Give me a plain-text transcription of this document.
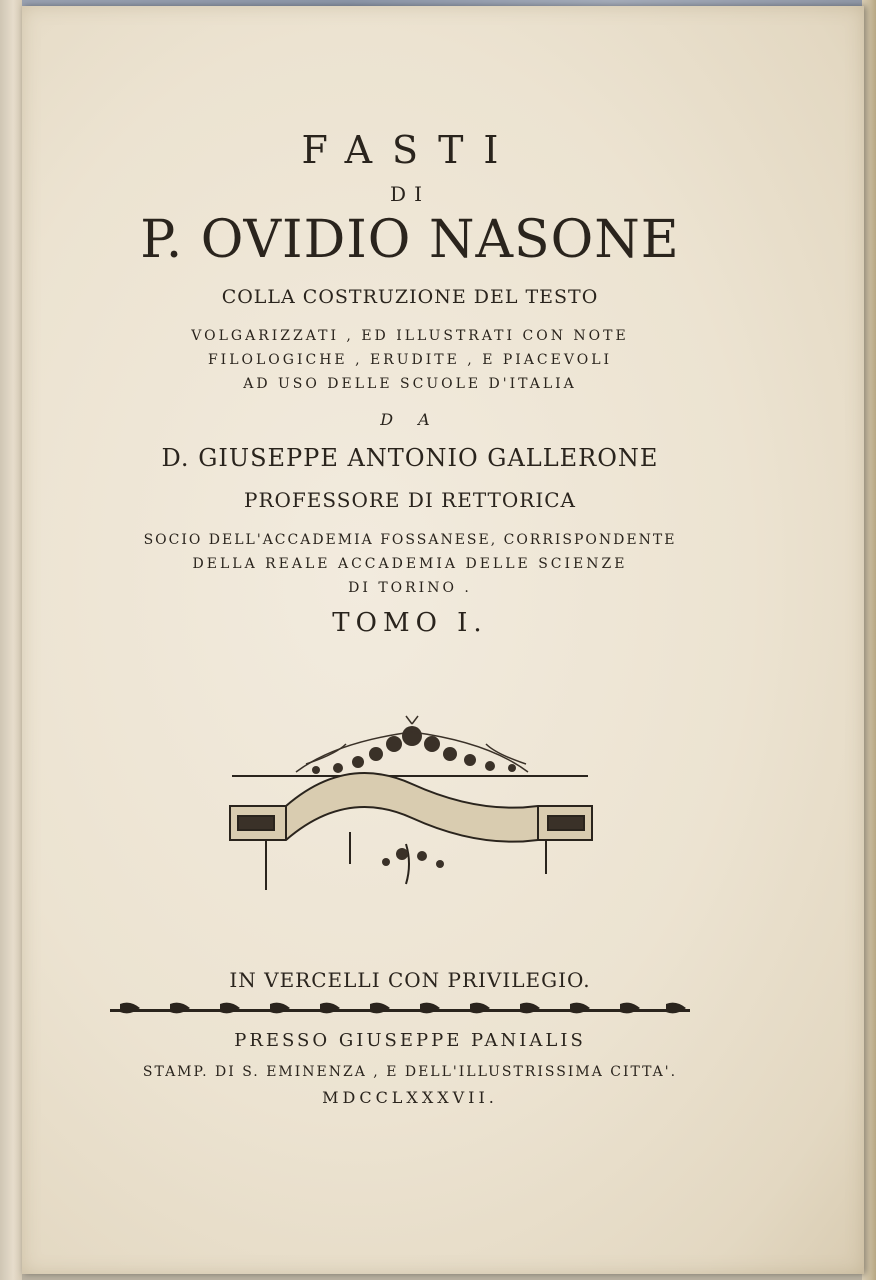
FASTI

DI

P. OVIDIO NASONE

COLLA COSTRUZIONE DEL TESTO

VOLGARIZZATI , ED ILLUSTRATI CON NOTE

FILOLOGICHE , ERUDITE , E PIACEVOLI

AD USO DELLE SCUOLE D'ITALIA

D A

D. GIUSEPPE ANTONIO GALLERONE

PROFESSORE DI RETTORICA

SOCIO DELL'ACCADEMIA FOSSANESE, CORRISPONDENTE

DELLA REALE ACCADEMIA DELLE SCIENZE

DI TORINO .

TOMO I.

IN VERCELLI CON PRIVILEGIO.

PRESSO GIUSEPPE PANIALIS

STAMP. DI S. EMINENZA , E DELL'ILLUSTRISSIMA CITTA'.

MDCCLXXXVII.
